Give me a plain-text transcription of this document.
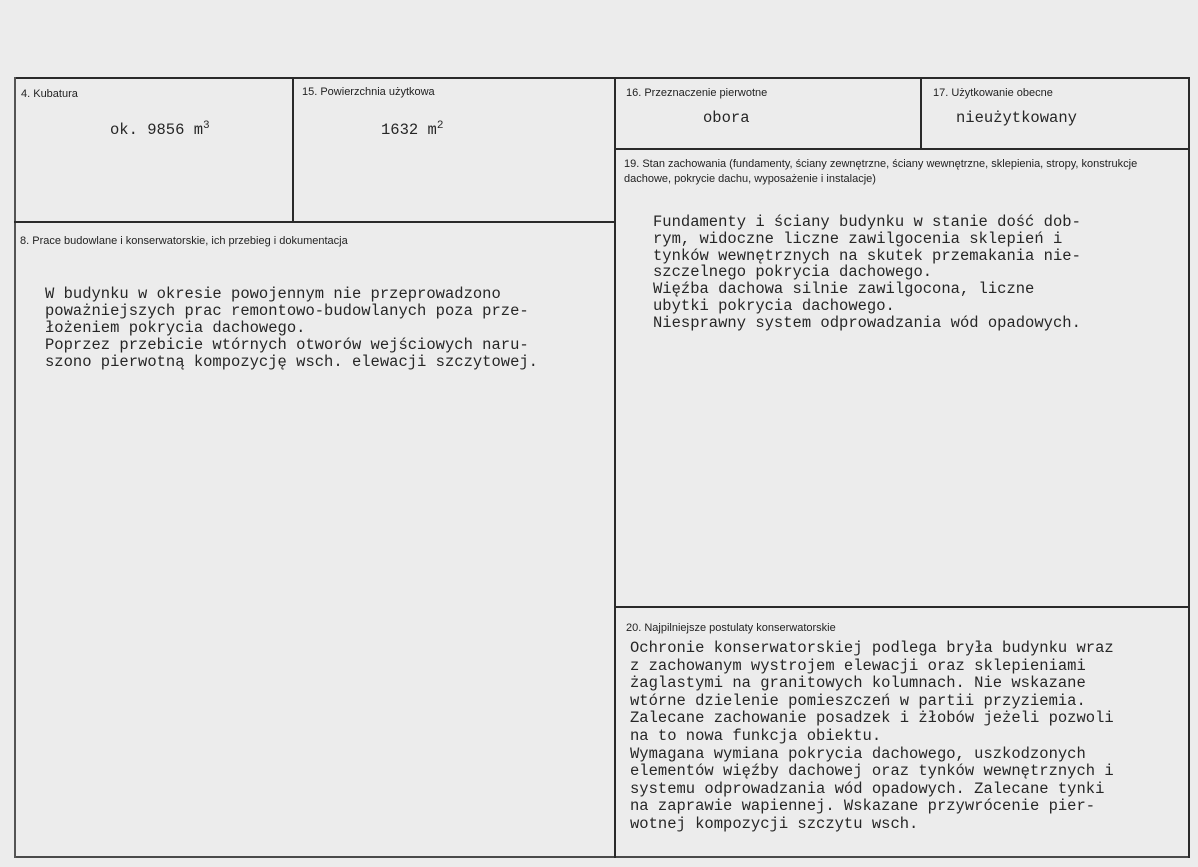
4. Kubatura
ok. 9856 $m^3$
15. Powierzchnia użytkowa
1632 $m^2$
16. Przeznaczenie pierwotne
obora
17. Użytkowanie obecne
nieużytkowany
19. Stan zachowania (fundamenty, ściany zewnętrzne, ściany wewnętrzne, sklepienia, stropy, konstrukcje dachowe, pokrycie dachu, wyposażenie i instalacje)
Fundamenty i ściany budynku w stanie dość dob-
rym, widoczne liczne zawilgocenia sklepień i
tynków wewnętrznych na skutek przemakania nie-
szczelnego pokrycia dachowego.
Więźba dachowa silnie zawilgocona, liczne
ubytki pokrycia dachowego.
Niesprawny system odprowadzania wód opadowych.
8. Prace budowlane i konserwatorskie, ich przebieg i dokumentacja
W budynku w okresie powojennym nie przeprowadzono
poważniejszych prac remontowo-budowlanych poza prze-
łożeniem pokrycia dachowego.
Poprzez przebicie wtórnych otworów wejściowych naru-
szono pierwotną kompozycję wsch. elewacji szczytowej.
20. Najpilniejsze postulaty konserwatorskie
Ochronie konserwatorskiej podlega bryła budynku wraz
z zachowanym wystrojem elewacji oraz sklepieniami
żaglastymi na granitowych kolumnach. Nie wskazane
wtórne dzielenie pomieszczeń w partii przyziemia.
Zalecane zachowanie posadzek i żłobów jeżeli pozwoli
na to nowa funkcja obiektu.
Wymagana wymiana pokrycia dachowego, uszkodzonych
elementów więźby dachowej oraz tynków wewnętrznych i
systemu odprowadzania wód opadowych. Zalecane tynki
na zaprawie wapiennej. Wskazane przywrócenie pier-
wotnej kompozycji szczytu wsch.
